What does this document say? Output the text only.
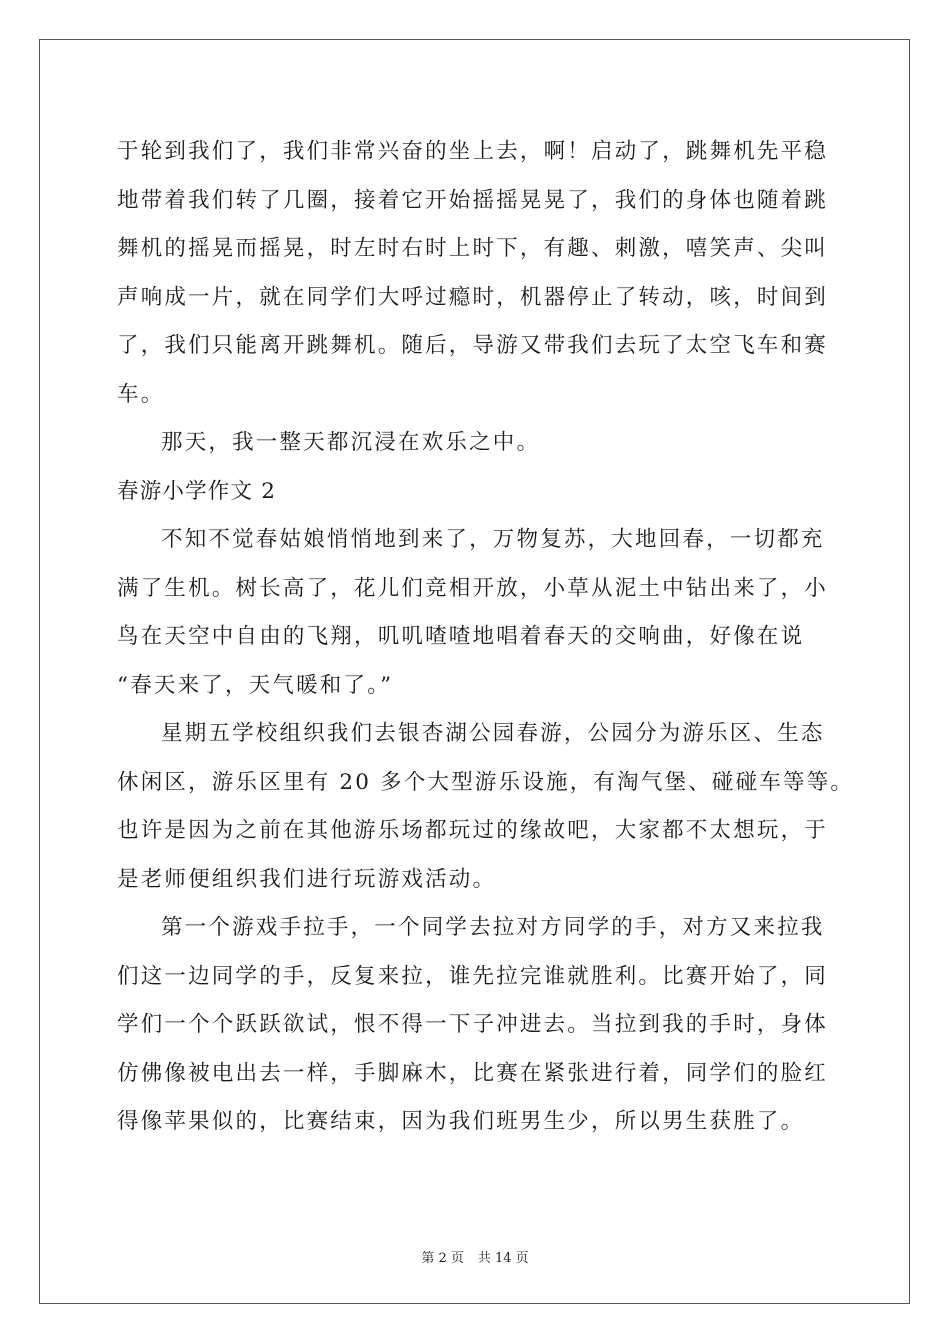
于轮到我们了，我们非常兴奋的坐上去，啊！启动了，跳舞机先平稳
地带着我们转了几圈，接着它开始摇摇晃晃了，我们的身体也随着跳
舞机的摇晃而摇晃，时左时右时上时下，有趣、刺激，嘻笑声、尖叫
声响成一片，就在同学们大呼过瘾时，机器停止了转动，咳，时间到
了，我们只能离开跳舞机。随后，导游又带我们去玩了太空飞车和赛
车。
那天，我一整天都沉浸在欢乐之中。
春游小学作文 2
不知不觉春姑娘悄悄地到来了，万物复苏，大地回春，一切都充
满了生机。树长高了，花儿们竞相开放，小草从泥土中钻出来了，小
鸟在天空中自由的飞翔，叽叽喳喳地唱着春天的交响曲，好像在说
“春天来了，天气暖和了。”
星期五学校组织我们去银杏湖公园春游，公园分为游乐区、生态
休闲区，游乐区里有 20 多个大型游乐设施，有淘气堡、碰碰车等等。
也许是因为之前在其他游乐场都玩过的缘故吧，大家都不太想玩，于
是老师便组织我们进行玩游戏活动。
第一个游戏手拉手，一个同学去拉对方同学的手，对方又来拉我
们这一边同学的手，反复来拉，谁先拉完谁就胜利。比赛开始了，同
学们一个个跃跃欲试，恨不得一下子冲进去。当拉到我的手时，身体
仿佛像被电出去一样，手脚麻木，比赛在紧张进行着，同学们的脸红
得像苹果似的，比赛结束，因为我们班男生少，所以男生获胜了。
第 2 页 共 14 页
